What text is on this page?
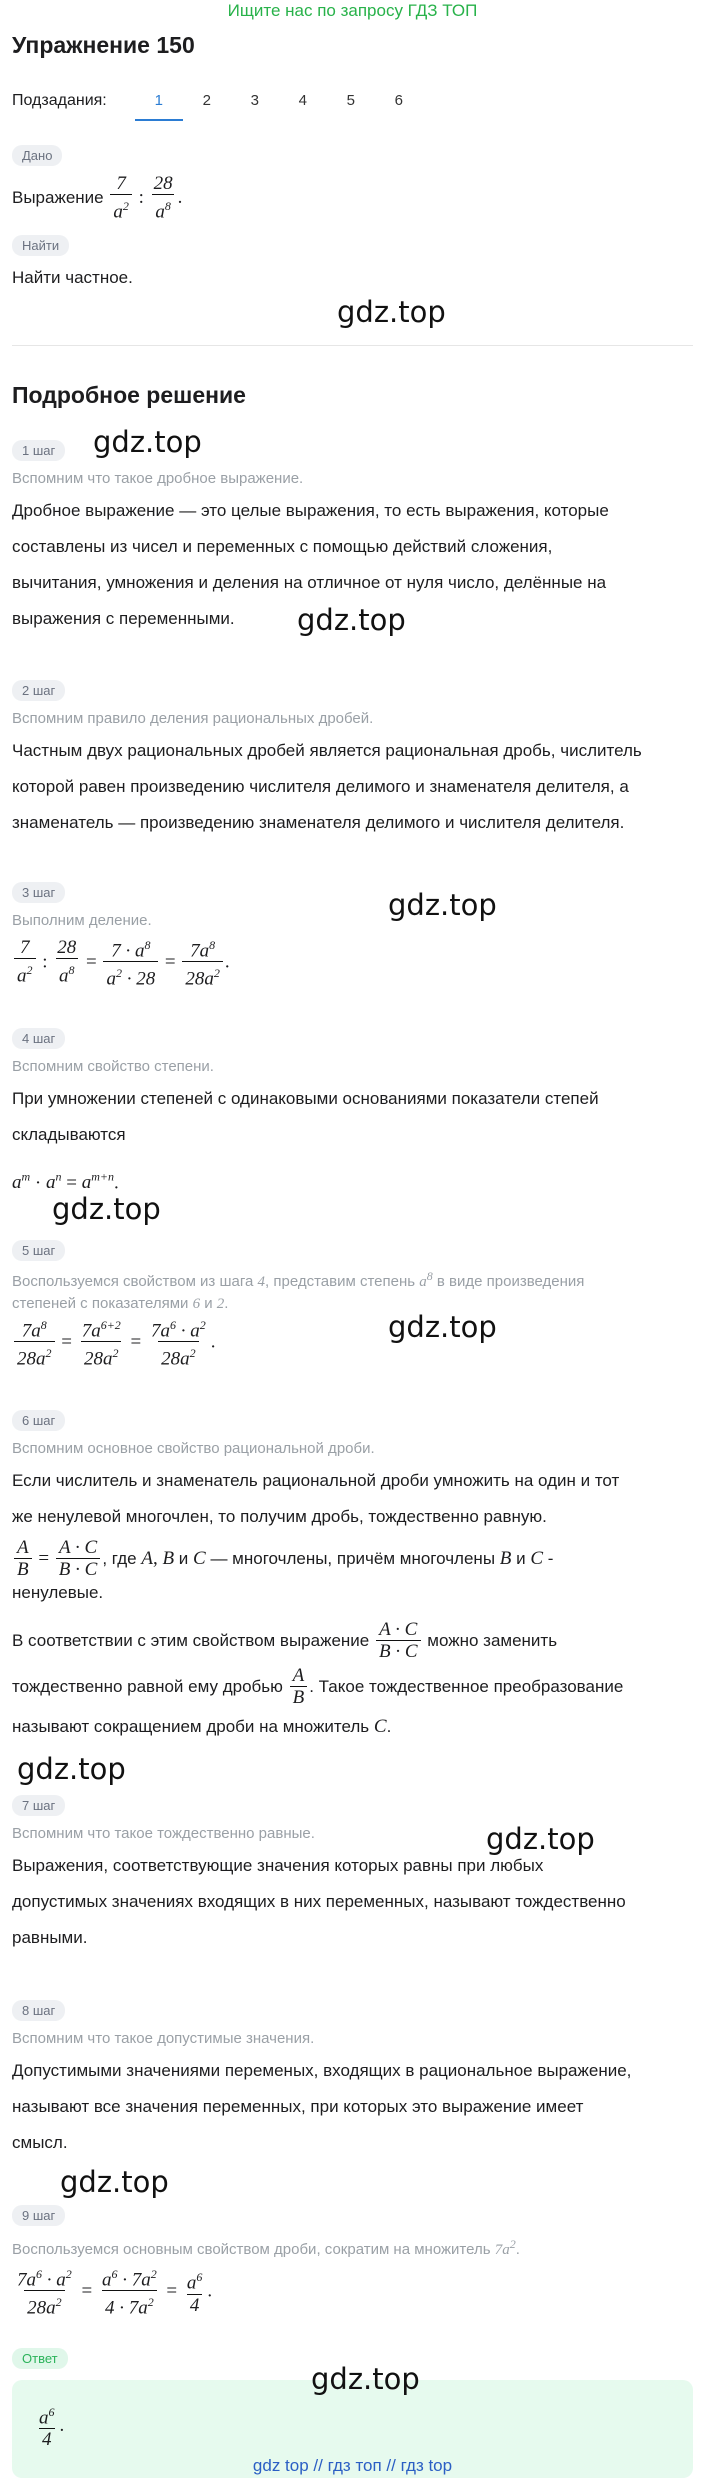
Ищите нас по запросу ГДЗ ТОП
Упражнение 150
Подзадания:	1	2	3	4	5	6
Дано
Выражение $\frac{7}{a^2}$ : $\frac{28}{a^8}$ .
Найти
Найти частное.
Подробное решение
1 шаг
Вспомним что такое дробное выражение.
Дробное выражение — это целые выражения, то есть выражения, которые
составлены из чисел и переменных с помощью действий сложения,
вычитания, умножения и деления на отличное от нуля число, делённые на
выражения с переменными.
2 шаг
Вспомним правило деления рациональных дробей.
Частным двух рациональных дробей является рациональная дробь, числитель
которой равен произведению числителя делимого и знаменателя делителя, а
знаменатель — произведению знаменателя делимого и числителя делителя.
3 шаг
Выполним деление.
$\frac{7}{a^2}$ : $\frac{28}{a^8} = \frac{7 \cdot a^8}{a^2 \cdot 28} = \frac{7a^8}{28a^2}$ .
4 шаг
Вспомним свойство степени.
При умножении степеней с одинаковыми основаниями показатели степей
складываются
$a^m \cdot a^n = a^{m+n}$.
5 шаг
Воспользуемся свойством из шага 4, представим степень $a^8$ в виде произведения
степеней с показателями 6 и 2.
$\frac{7a^8}{28a^2} = \frac{7a^{6+2}}{28a^2} = \frac{7a^6 \cdot a^2}{28a^2}$ .
6 шаг
Вспомним основное свойство рациональной дроби.
Если числитель и знаменатель рациональной дроби умножить на один и тот
же ненулевой многочлен, то получим дробь, тождественно равную.
$\frac{A}{B} = \frac{A \cdot C}{B \cdot C}$ , где A, B и C — многочлены, причём многочлены B и C -
ненулевые.
В соответствии с этим свойством выражение $\frac{A \cdot C}{B \cdot C}$ можно заменить
тождественно равной ему дробью $\frac{A}{B}$ . Такое тождественное преобразование
называют сокращением дроби на множитель C.
7 шаг
Вспомним что такое тождественно равные.
Выражения, соответствующие значения которых равны при любых
допустимых значениях входящих в них переменных, называют тождественно
равными.
8 шаг
Вспомним что такое допустимые значения.
Допустимыми значениями переменых, входящих в рациональное выражение,
называют все значения переменных, при которых это выражение имеет
смысл.
9 шаг
Воспользуемся основным свойством дроби, сократим на множитель $7a^2$.
$\frac{7a^6 \cdot a^2}{28a^2} = \frac{a^6 \cdot 7a^2}{4 \cdot 7a^2} = \frac{a^6}{4}$ .
Ответ
$\frac{a^6}{4}$ .
gdz.top
gdz.top
gdz.top
gdz.top
gdz.top
gdz.top
gdz.top
gdz.top
gdz.top
gdz.top
gdz top // гдз топ // гдз top
